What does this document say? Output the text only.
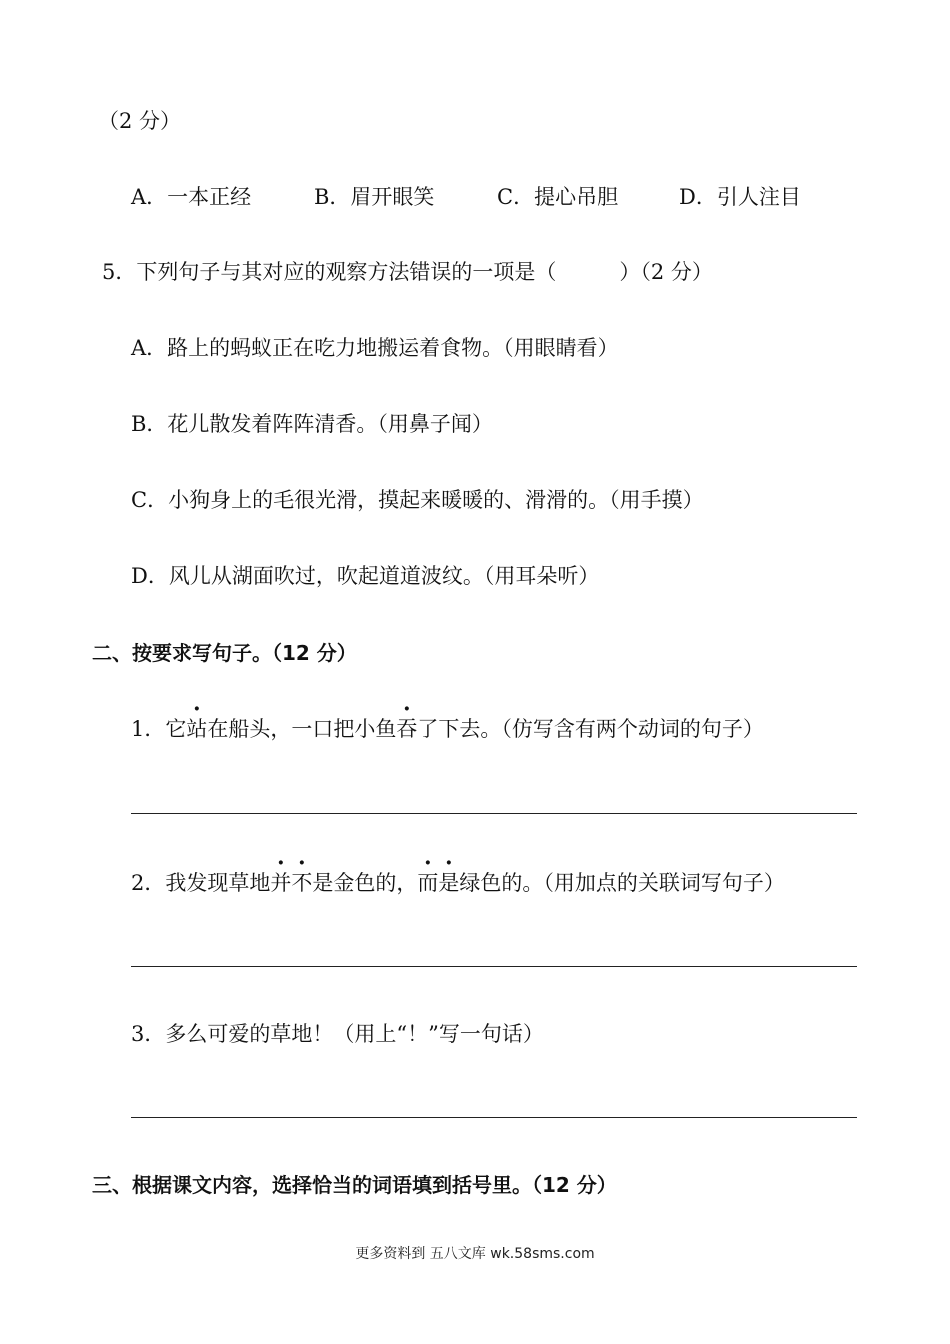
（2 分）
A．一本正经	B．眉开眼笑	C．提心吊胆	D．引人注目
5．下列句子与其对应的观察方法错误的一项是（　　　）（2 分）
A．路上的蚂蚁正在吃力地搬运着食物。（用眼睛看）
B．花儿散发着阵阵清香。（用鼻子闻）
C．小狗身上的毛很光滑，摸起来暖暖的、滑滑的。（用手摸）
D．风儿从湖面吹过，吹起道道波纹。（用耳朵听）
二、按要求写句子。（12 分）
1．它站在船头，一口把小鱼吞了下去。（仿写含有两个动词的句子）
2．我发现草地并不是金色的，而是绿色的。（用加点的关联词写句子）
3．多么可爱的草地！（用上“！”写一句话）
三、根据课文内容，选择恰当的词语填到括号里。（12 分）
更多资料到 五八文库 wk.58sms.com
